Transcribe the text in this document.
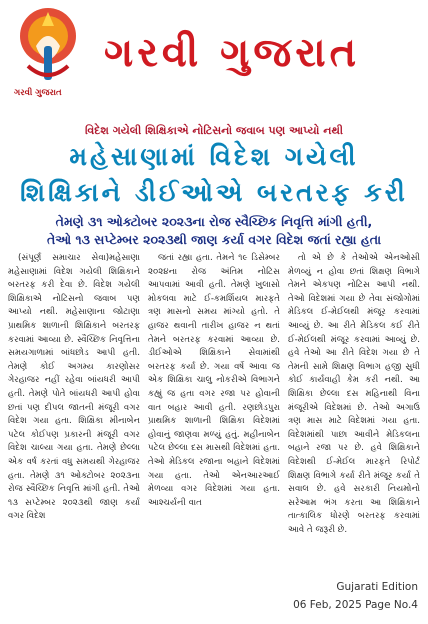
ગરવી ગુજરાત
ગરવી ગુજરાત
વિદેશ ગયેલી શિક્ષિકાએ નોટિસનો જવાબ પણ આપ્યો નથી
મહેસાણામાં વિદેશ ગયેલી
શિક્ષિકાને ડીઈઓએ બરતરફ કરી
તેમણે ૩૧ ઓક્ટોબર ૨૦૨૩ના રોજ સ્વૈચ્છિક નિવૃત્તિ માંગી હતી,
તેઓ ૧૩ સપ્ટેમ્બર ૨૦૨૩થી જાણ કર્યા વગર વિદેશ જતાં રહ્યા હતા

(સંપૂર્ણ સમાચાર સેવા)મહેસાણા મહેસાણામાં વિદેશ ગયેલી શિક્ષિકાને બરતરફ કરી દેવા છે. વિદેશ ગયેલી શિક્ષિકાએ નોટિસનો જવાબ પણ આપ્યો નથી. મહેસાણાના જોટાણા પ્રાથમિક શાળાની શિક્ષિકાને બરતરફ કરવામાં આવ્યા છે. સ્વૈચ્છિક નિવૃત્તિના સમયગાળામાં બાંધછોડ આપી હતી. તેમણે કોઈ અગમ્ય કારણોસર ગેરહાજર નહીં રહેવા બાંયધરી આપી હતી. તેમણે પોતે બાંયધરી આપી હોવા છતાં પણ દીપલ જાતની મંજૂરી વગર વિદેશ ગયા હતા. શિક્ષિકા મીનાબેન પટેલ કોઈપણ પ્રકારની મંજૂરી વગર વિદેશ ચાલ્યા ગયા હતા. તેમણે છેલ્લા એક વર્ષ કરતાં વધુ સમયથી ગેરહાજર હતા. તેમણે ૩૧ ઓક્ટોબર ૨૦૨૩ના રોજ સ્વૈચ્છિક નિવૃત્તિ માંગી હતી. તેઓ ૧૩ સપ્ટેમ્બર ૨૦૨૩થી જાણ કર્યા વગર વિદેશ

જતાં રહ્યા હતા. તેમને ૧૯ ડિસેમ્બર ૨૦૨૪ના રોજ અંતિમ નોટિસ આપવામાં આવી હતી. તેમણે ખુલાસો મોકલવા માટે ઈ-કમર્શિયલ મારફતે ત્રણ માસનો સમય માંગ્યો હતો. તે હાજર થવાની તારીખ હાજર ન થતાં તેમને બરતરફ કરવામાં આવ્યા છે. ડીઈઓએ શિક્ષિકાને સેવામાંથી બરતરફ કર્યા છે. ગયા વર્ષે આવા જ એક શિક્ષિકા ચાલુ નોકરીએ વિભાગને કહ્યું જ હતા વગર રજા પર હોવાની વાત બહાર આવી હતી. રણછોડપુરા પ્રાથમિક શાળાની શિક્ષિકા વિદેશમાં હોવાનું જાણવા મળ્યું હતું. મહીનાબેન પટેલ છેલ્લા દસ માસથી વિદેશમાં હતા. તેઓ મેડિકલ રજાના બહાને વિદેશમાં ગયા હતા. તેઓ એનઆરઆઈ મેળવ્યા વગર વિદેશમાં ગયા હતા. આશ્ચર્યની વાત

તો એ છે કે તેઓએ એનઓસી મેળવ્યું ન હોવા છતાં શિક્ષણ વિભાગે તેમને એકપણ નોટિસ આપી નથી. તેઓ વિદેશમાં ગયા છે તેવા સંજોગોમાં મેડિકલ ઈ-મેઈલથી મંજૂર કરવામાં આવ્યું છે. આ રીતે મેડિકલ કઈ રીતે ઈ-મેઈલથી મંજૂર કરવામાં આવ્યું છે. હવે તેઓ આ રીતે વિદેશ ગયા છે તે તેમની સામે શિક્ષણ વિભાગ હજી સુધી કોઈ કાર્યવાહી કેમ કરી નથી. આ શિક્ષિકા છેલ્લા દસ મહિનાથી વિના મંજૂરીએ વિદેશમાં છે. તેઓ અગાઉ ત્રણ માસ માટે વિદેશમાં ગયા હતા. વિદેશમાંથી પાછા આવીને મેડિકલના બહાને રજા પર છે. હવે શિક્ષિકાને વિદેશથી ઈ-મેઈલ મારફતે રિપોર્ટ શિક્ષણ વિભાગે કર્યા રીતે મંજૂર કર્યા તે સવાલ છે. હવે સરકારી નિયમોનો સરેઆમ ભંગ કરતા આ શિક્ષિકાને તાત્કાલિક ધોરણે બરતરફ કરવામાં આવે તે જરૂરી છે.

Gujarati Edition
06 Feb, 2025 Page No.4
